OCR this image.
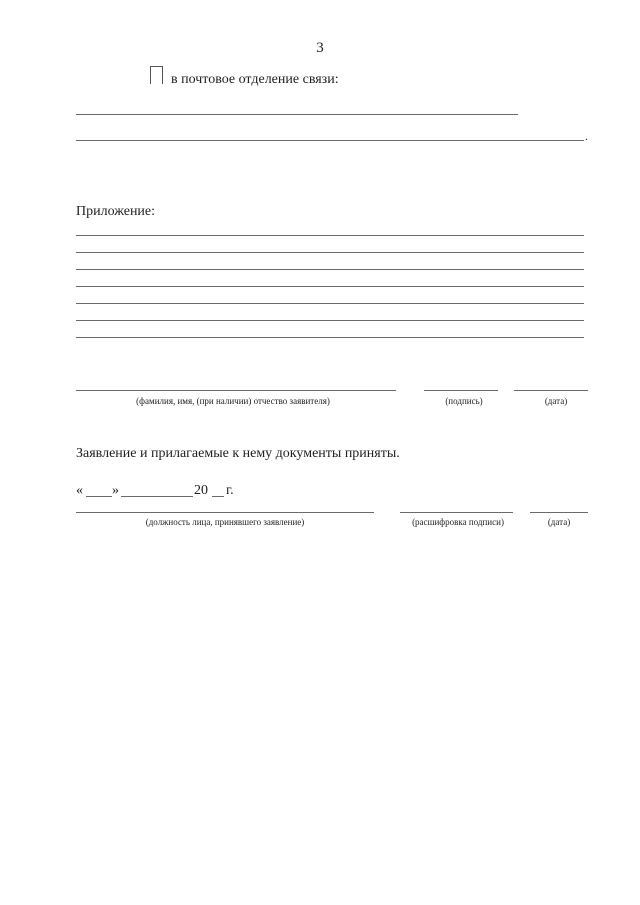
3
в почтовое отделение связи:
.
Приложение:
(фамилия, имя, (при наличии) отчество заявителя)	(подпись)	(дата)
Заявление и прилагаемые к нему документы приняты.
« »	20 г.
(должность лица, принявшего заявление)	(расшифровка подписи)	(дата)
